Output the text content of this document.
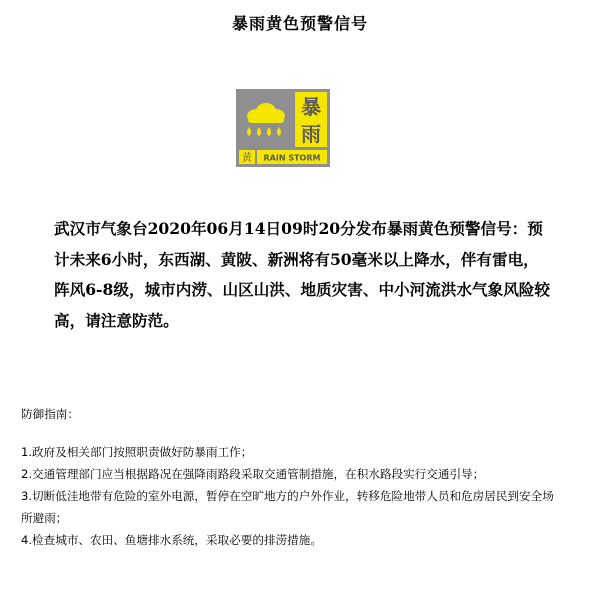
暴雨黄色预警信号
暴
雨
黄 RAIN STORM

武汉市气象台2020年06月14日09时20分发布暴雨黄色预警信号：预计未来6小时，东西湖、黄陂、新洲将有50毫米以上降水，伴有雷电，阵风6-8级，城市内涝、山区山洪、地质灾害、中小河流洪水气象风险较高，请注意防范。

防御指南：

1.政府及相关部门按照职责做好防暴雨工作；
2.交通管理部门应当根据路况在强降雨路段采取交通管制措施，在积水路段实行交通引导；
3.切断低洼地带有危险的室外电源，暂停在空旷地方的户外作业，转移危险地带人员和危房居民到安全场所避雨；
4.检查城市、农田、鱼塘排水系统，采取必要的排涝措施。
